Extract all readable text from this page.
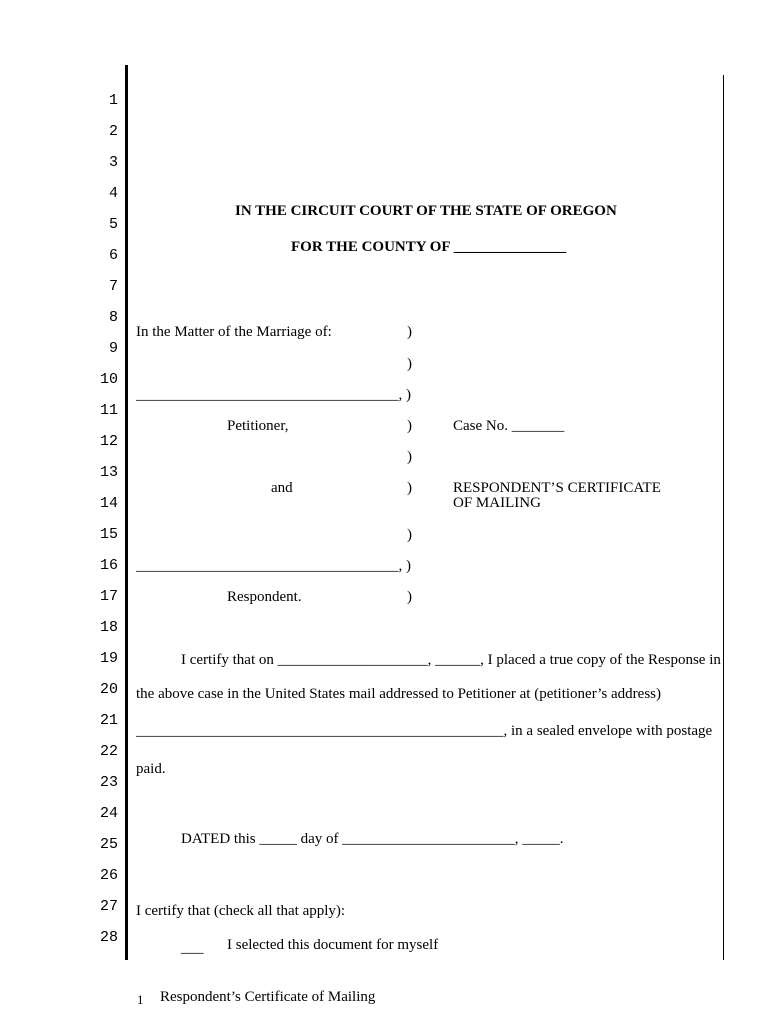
1
2
3
4
5
6
7
8
9
10
11
12
13
14
15
16
17
18
19
20
21
22
23
24
25
26
27
28
IN THE CIRCUIT COURT OF THE STATE OF OREGON
FOR THE COUNTY OF _______________
In the Matter of the Marriage of:	)
)
___________________________________, )
Petitioner,	)	Case No. _______
)
and	)	RESPONDENT’S CERTIFICATE
OF MAILING
)
___________________________________, )
Respondent.	)
I certify that on ____________________, ______, I placed a true copy of the Response in
the above case in the United States mail addressed to Petitioner at (petitioner’s address)
_________________________________________________, in a sealed envelope with postage
paid.
DATED this _____ day of _______________________, _____.
I certify that (check all that apply):
___ I selected this document for myself
1 Respondent’s Certificate of Mailing
